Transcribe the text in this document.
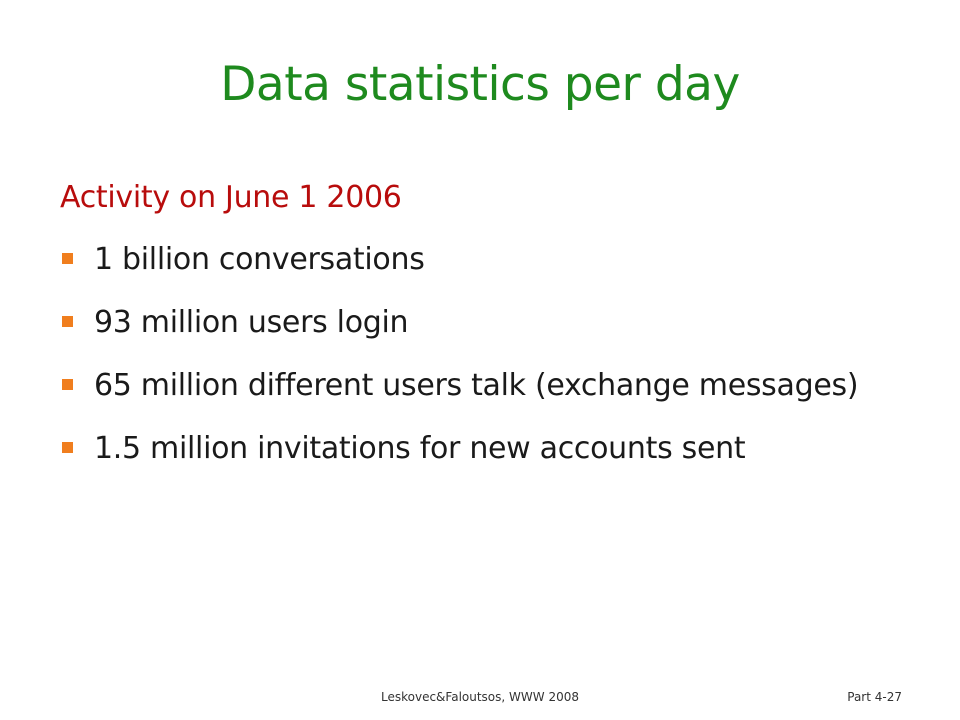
Data statistics per day
Activity on June 1 2006
1 billion conversations
93 million users login
65 million different users talk (exchange messages)
1.5 million invitations for new accounts sent
Leskovec&Faloutsos, WWW 2008	Part 4-27
